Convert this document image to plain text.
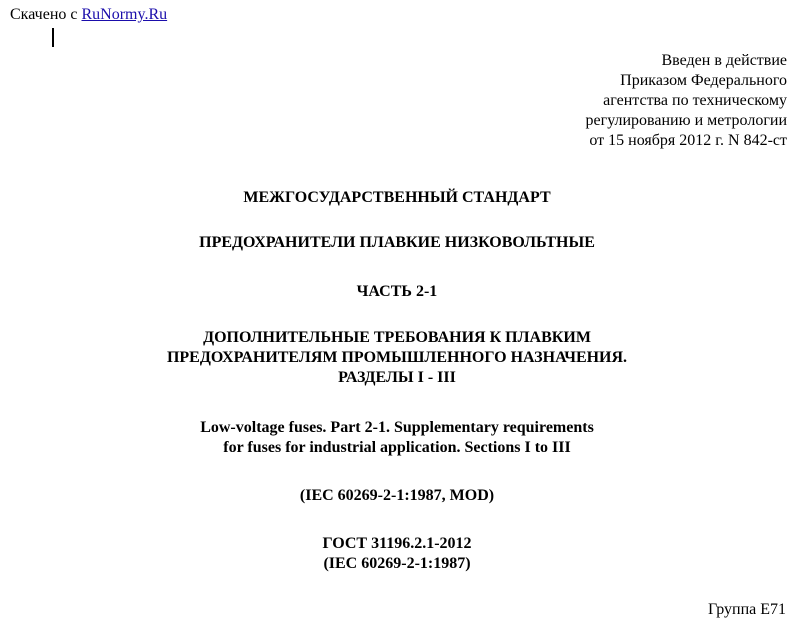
Скачено с RuNormy.Ru
Введен в действие
Приказом Федерального
агентства по техническому
регулированию и метрологии
от 15 ноября 2012 г. N 842-ст
МЕЖГОСУДАРСТВЕННЫЙ СТАНДАРТ
ПРЕДОХРАНИТЕЛИ ПЛАВКИЕ НИЗКОВОЛЬТНЫЕ
ЧАСТЬ 2-1
ДОПОЛНИТЕЛЬНЫЕ ТРЕБОВАНИЯ К ПЛАВКИМ
ПРЕДОХРАНИТЕЛЯМ ПРОМЫШЛЕННОГО НАЗНАЧЕНИЯ.
РАЗДЕЛЫ I - III
Low-voltage fuses. Part 2-1. Supplementary requirements
for fuses for industrial application. Sections I to III
(IEC 60269-2-1:1987, MOD)
ГОСТ 31196.2.1-2012
(IEC 60269-2-1:1987)
Группа Е71
